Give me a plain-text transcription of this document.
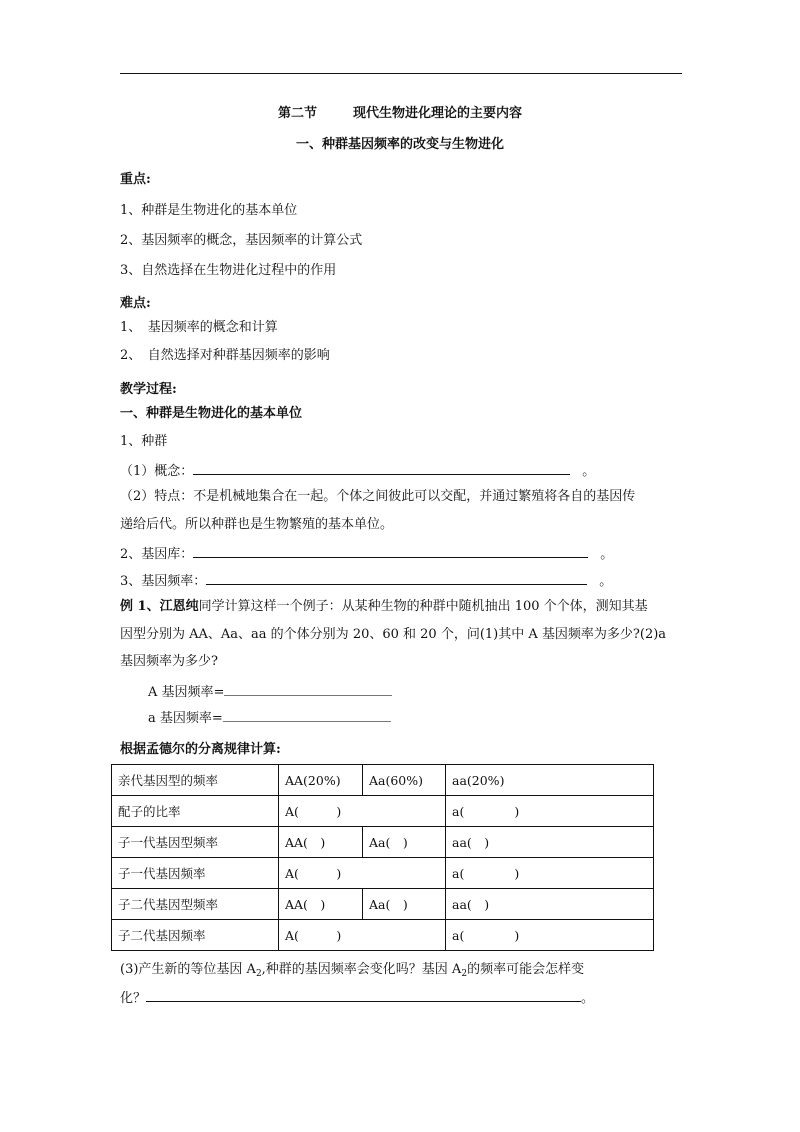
第二节	现代生物进化理论的主要内容
一、种群基因频率的改变与生物进化
重点:
1、种群是生物进化的基本单位
2、基因频率的概念，基因频率的计算公式
3、自然选择在生物进化过程中的作用
难点:
1、　基因频率的概念和计算
2、　自然选择对种群基因频率的影响
教学过程:
一、种群是生物进化的基本单位
1、种群
（1）概念：	。
（2）特点：不是机械地集合在一起。个体之间彼此可以交配，并通过繁殖将各自的基因传
递给后代。所以种群也是生物繁殖的基本单位。
2、基因库：	。
3、基因频率：	。
例 1、江恩纯同学计算这样一个例子：从某种生物的种群中随机抽出 100 个个体，测知其基
因型分别为 AA、Aa、aa 的个体分别为 20、60 和 20 个，问(1)其中 A 基因频率为多少?(2)a
基因频率为多少?
A 基因频率=
a 基因频率=
根据孟德尔的分离规律计算:
亲代基因型的频率	AA(20%)	Aa(60%)	aa(20%)
配子的比率	A(　　　)		a(　　　　)
子一代基因型频率	AA(　)	Aa(　)	aa(　)
子一代基因频率	A(　　　)		a(　　　　)
子二代基因型频率	AA(　)	Aa(　)	aa(　)
子二代基因频率	A(　　　)		a(　　　　)
(3)产生新的等位基因 $A_2$,种群的基因频率会变化吗？基因 $A_2$的频率可能会怎样变
化？	。
